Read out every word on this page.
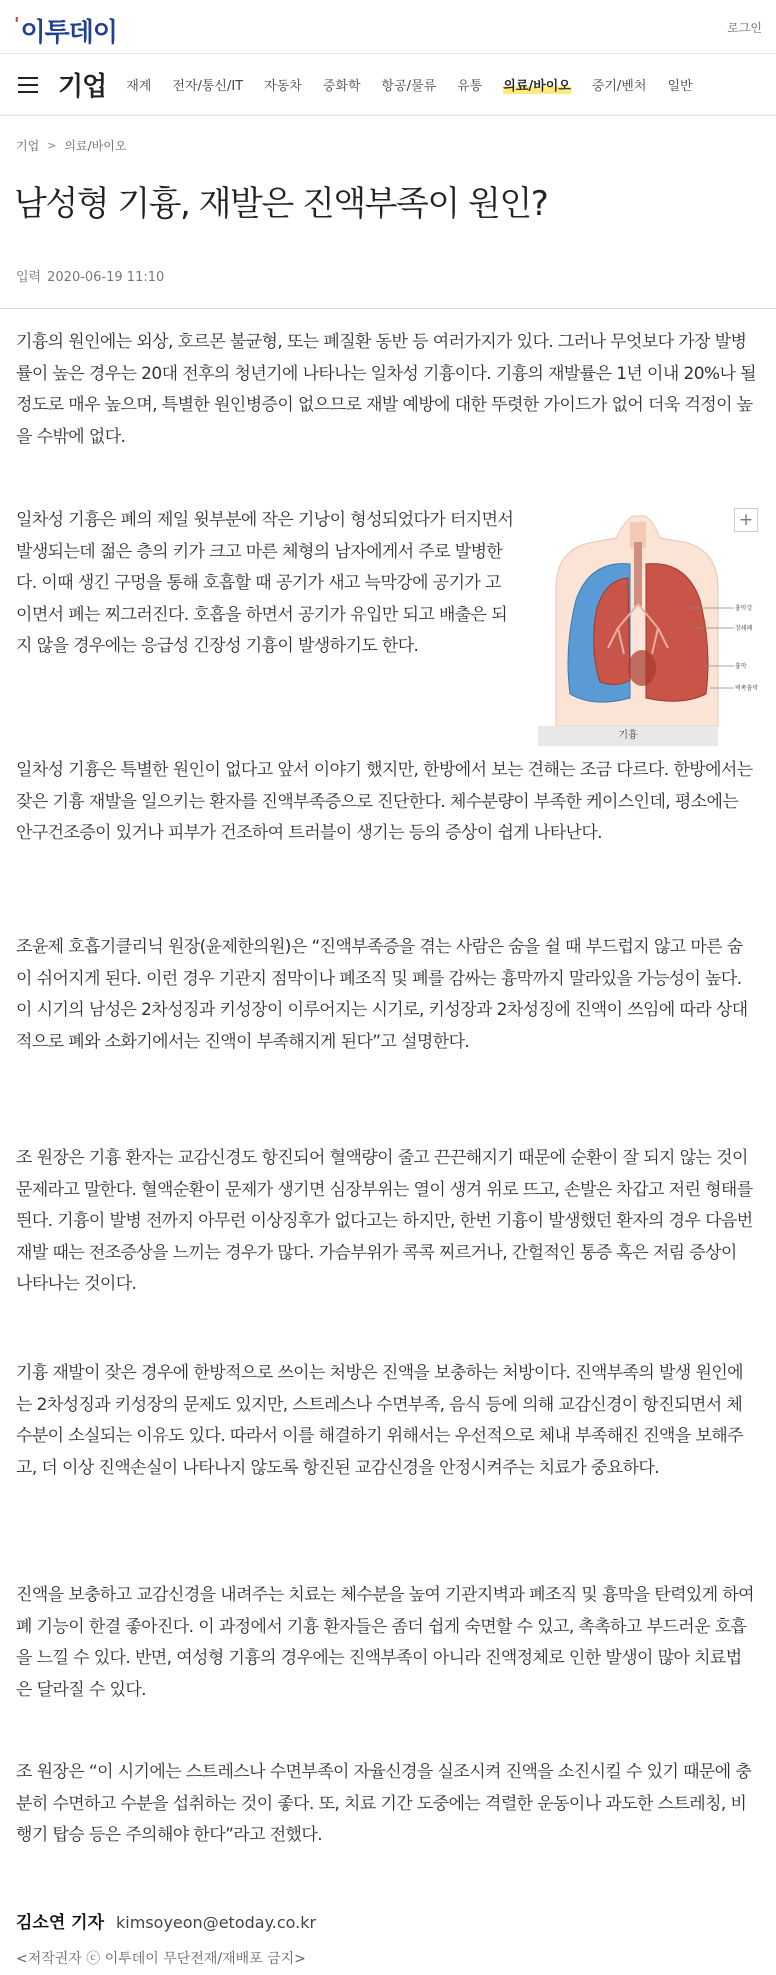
'이투데이	로그인
기업 재계 전자/통신/IT 자동차 중화학 항공/물류 유통 의료/바이오 중기/벤처 일반
기업 > 의료/바이오
남성형 기흉, 재발은 진액부족이 원인?
입력 2020-06-19 11:10

기흉의 원인에는 외상, 호르몬 불균형, 또는 폐질환 동반 등 여러가지가 있다. 그러나 무엇보다 가장 발병률이 높은 경우는 20대 전후의 청년기에 나타나는 일차성 기흉이다. 기흉의 재발률은 1년 이내 20%나 될 정도로 매우 높으며, 특별한 원인병증이 없으므로 재발 예방에 대한 뚜렷한 가이드가 없어 더욱 걱정이 높을 수밖에 없다.

일차성 기흉은 폐의 제일 윗부분에 작은 기낭이 형성되었다가 터지면서 발생되는데 젊은 층의 키가 크고 마른 체형의 남자에게서 주로 발병한다. 이때 생긴 구멍을 통해 호흡할 때 공기가 새고 늑막강에 공기가 고이면서 폐는 찌그러진다. 호흡을 하면서 공기가 유입만 되고 배출은 되지 않을 경우에는 응급성 긴장성 기흉이 발생하기도 한다.

흉막강
장쇄폐
흉막
벽쪽흉막
+
기흉

일차성 기흉은 특별한 원인이 없다고 앞서 이야기 했지만, 한방에서 보는 견해는 조금 다르다. 한방에서는 잦은 기흉 재발을 일으키는 환자를 진액부족증으로 진단한다. 체수분량이 부족한 케이스인데, 평소에는 안구건조증이 있거나 피부가 건조하여 트러블이 생기는 등의 증상이 쉽게 나타난다.

조윤제 호흡기클리닉 원장(윤제한의원)은 “진액부족증을 겪는 사람은 숨을 쉴 때 부드럽지 않고 마른 숨이 쉬어지게 된다. 이런 경우 기관지 점막이나 폐조직 및 폐를 감싸는 흉막까지 말라있을 가능성이 높다. 이 시기의 남성은 2차성징과 키성장이 이루어지는 시기로, 키성장과 2차성징에 진액이 쓰임에 따라 상대적으로 폐와 소화기에서는 진액이 부족해지게 된다”고 설명한다.

조 원장은 기흉 환자는 교감신경도 항진되어 혈액량이 줄고 끈끈해지기 때문에 순환이 잘 되지 않는 것이 문제라고 말한다. 혈액순환이 문제가 생기면 심장부위는 열이 생겨 위로 뜨고, 손발은 차갑고 저린 형태를 띈다. 기흉이 발병 전까지 아무런 이상징후가 없다고는 하지만, 한번 기흉이 발생했던 환자의 경우 다음번 재발 때는 전조증상을 느끼는 경우가 많다. 가슴부위가 콕콕 찌르거나, 간헐적인 통증 혹은 저림 증상이 나타나는 것이다.

기흉 재발이 잦은 경우에 한방적으로 쓰이는 처방은 진액을 보충하는 처방이다. 진액부족의 발생 원인에는 2차성징과 키성장의 문제도 있지만, 스트레스나 수면부족, 음식 등에 의해 교감신경이 항진되면서 체수분이 소실되는 이유도 있다. 따라서 이를 해결하기 위해서는 우선적으로 체내 부족해진 진액을 보해주고, 더 이상 진액손실이 나타나지 않도록 항진된 교감신경을 안정시켜주는 치료가 중요하다.

진액을 보충하고 교감신경을 내려주는 치료는 체수분을 높여 기관지벽과 폐조직 및 흉막을 탄력있게 하여 폐 기능이 한결 좋아진다. 이 과정에서 기흉 환자들은 좀더 쉽게 숙면할 수 있고, 촉촉하고 부드러운 호흡을 느낄 수 있다. 반면, 여성형 기흉의 경우에는 진액부족이 아니라 진액정체로 인한 발생이 많아 치료법은 달라질 수 있다.

조 원장은 “이 시기에는 스트레스나 수면부족이 자율신경을 실조시켜 진액을 소진시킬 수 있기 때문에 충분히 수면하고 수분을 섭취하는 것이 좋다. 또, 치료 기간 도중에는 격렬한 운동이나 과도한 스트레칭, 비행기 탑승 등은 주의해야 한다”라고 전했다.

김소연 기자 kimsoyeon@etoday.co.kr
<저작권자 ⓒ 이투데이 무단전재/재배포 금지>
